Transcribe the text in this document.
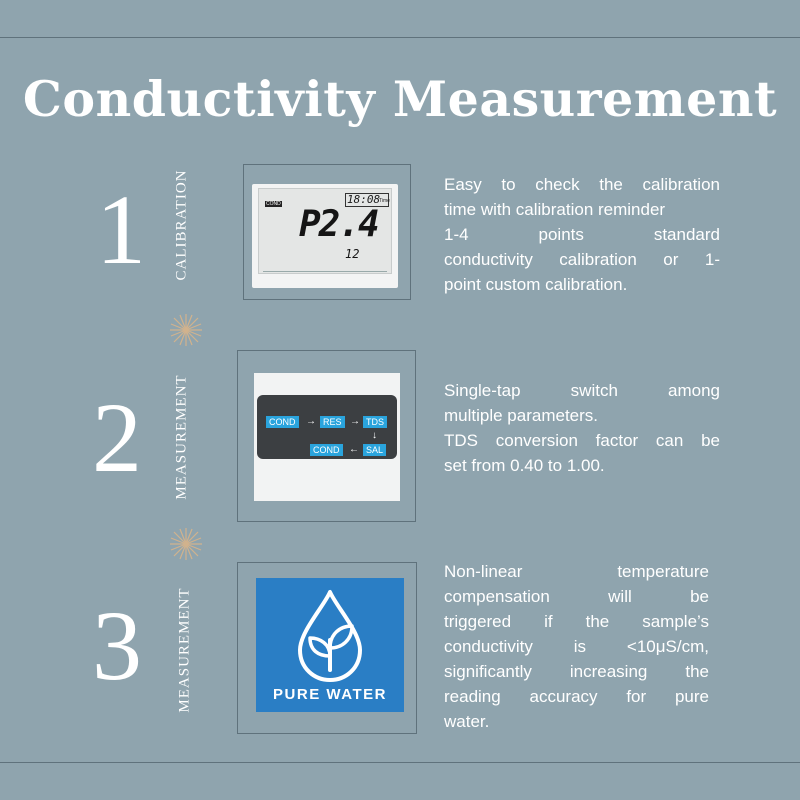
Conductivity Measurement
1 CALIBRATION	COND	18:08
Time
P2.4
12

Easy to check the calibration

time with calibration reminder

1-4 points standard

conductivity calibration or 1-

point custom calibration.

2 MEASUREMENT	COND	→ RES → TDS
↓
SAL
←
COND

Single-tap switch among

multiple parameters.

TDS conversion factor can be

set from 0.40 to 1.00.

3 MEASUREMENT	PURE WATER

Non-linear temperature

compensation will be

triggered if the sample’s

conductivity is <10μS/cm,

significantly increasing the

reading accuracy for pure

water.
